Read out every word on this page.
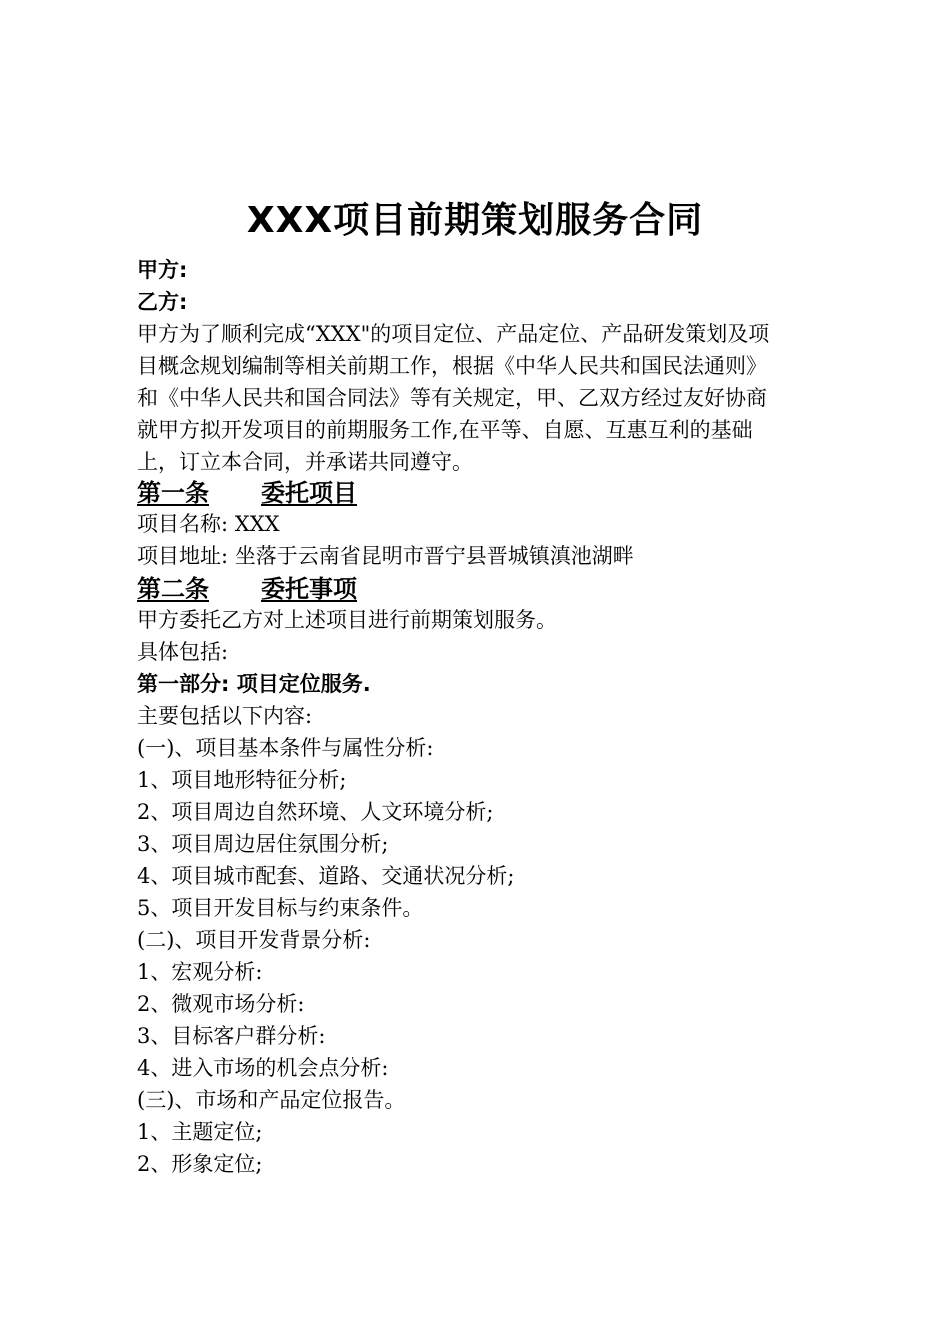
XXX项目前期策划服务合同
甲方:
乙方:
甲方为了顺利完成“XXX"的项目定位、产品定位、产品研发策划及项
目概念规划编制等相关前期工作，根据《中华人民共和国民法通则》
和《中华人民共和国合同法》等有关规定，甲、乙双方经过友好协商
就甲方拟开发项目的前期服务工作,在平等、自愿、互惠互利的基础
上，订立本合同，并承诺共同遵守。
第一条 委托项目
项目名称: XXX
项目地址: 坐落于云南省昆明市晋宁县晋城镇滇池湖畔
第二条 委托事项
甲方委托乙方对上述项目进行前期策划服务。
具体包括:
第一部分: 项目定位服务.
主要包括以下内容:
(一)、项目基本条件与属性分析:
1、项目地形特征分析;
2、项目周边自然环境、人文环境分析;
3、项目周边居住氛围分析;
4、项目城市配套、道路、交通状况分析;
5、项目开发目标与约束条件。
(二)、项目开发背景分析:
1、宏观分析:
2、微观市场分析:
3、目标客户群分析:
4、进入市场的机会点分析:
(三)、市场和产品定位报告。
1、主题定位;
2、形象定位;
